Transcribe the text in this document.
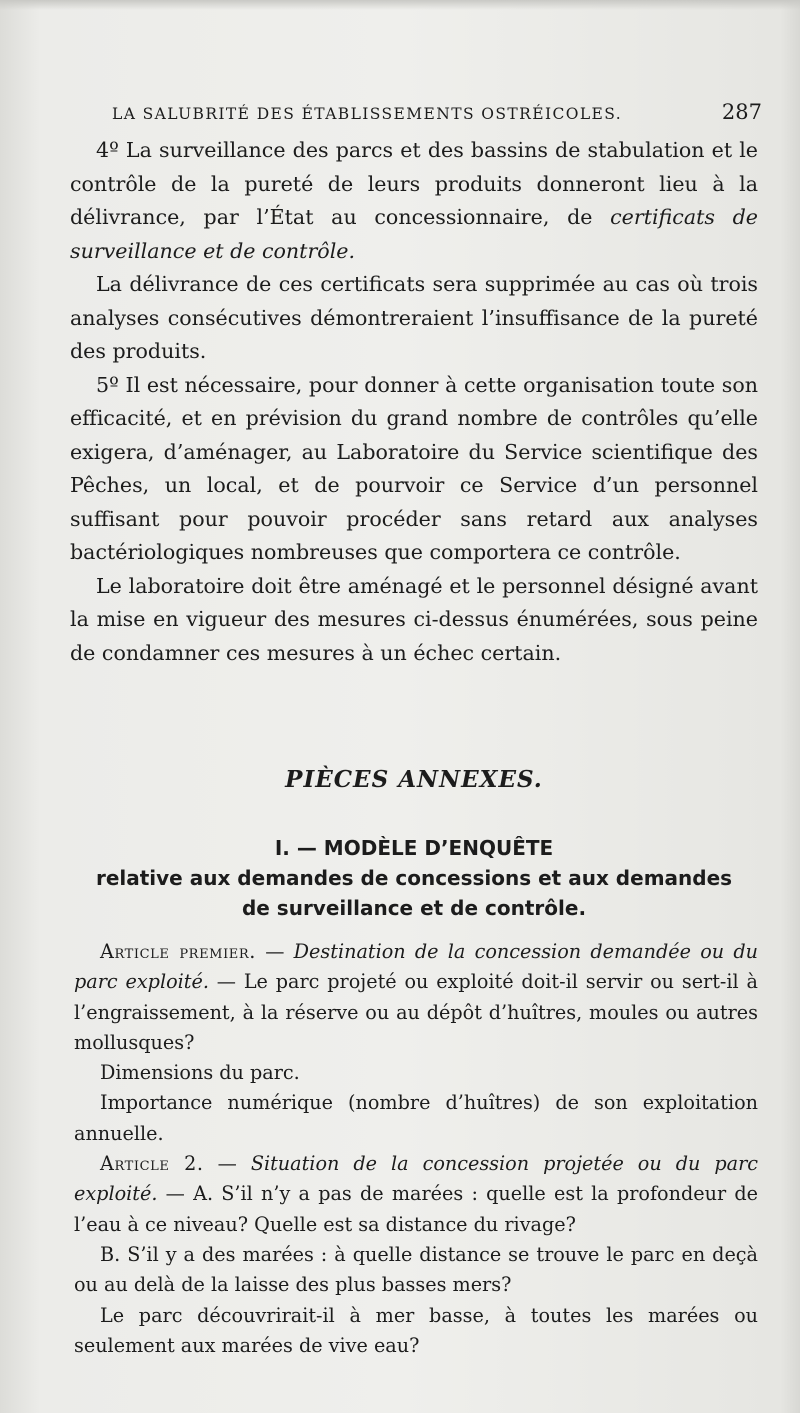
LA SALUBRITÉ DES ÉTABLISSEMENTS OSTRÉICOLES.	287

4º La surveillance des parcs et des bassins de stabulation et le contrôle de la pureté de leurs produits donneront lieu à la délivrance, par l’État au concessionnaire, de certificats de surveillance et de contrôle.

La délivrance de ces certificats sera supprimée au cas où trois analyses consécutives démontreraient l’insuffisance de la pureté des produits.

5º Il est nécessaire, pour donner à cette organisation toute son efficacité, et en prévision du grand nombre de contrôles qu’elle exigera, d’aménager, au Laboratoire du Service scientifique des Pêches, un local, et de pourvoir ce Service d’un personnel suffisant pour pouvoir procéder sans retard aux analyses bactériologiques nombreuses que comportera ce contrôle.

Le laboratoire doit être aménagé et le personnel désigné avant la mise en vigueur des mesures ci-dessus énumérées, sous peine de condamner ces mesures à un échec certain.

PIÈCES ANNEXES.
I. — MODÈLE D’ENQUÊTE
relative aux demandes de concessions et aux demandes
de surveillance et de contrôle.

Article premier. — Destination de la concession demandée ou du parc exploité. — Le parc projeté ou exploité doit-il servir ou sert-il à l’engraissement, à la réserve ou au dépôt d’huîtres, moules ou autres mollusques?

Dimensions du parc.

Importance numérique (nombre d’huîtres) de son exploitation annuelle.

Article 2. — Situation de la concession projetée ou du parc exploité. — A. S’il n’y a pas de marées : quelle est la profondeur de l’eau à ce niveau? Quelle est sa distance du rivage?

B. S’il y a des marées : à quelle distance se trouve le parc en deçà ou au delà de la laisse des plus basses mers?

Le parc découvrirait-il à mer basse, à toutes les marées ou seulement aux marées de vive eau?
